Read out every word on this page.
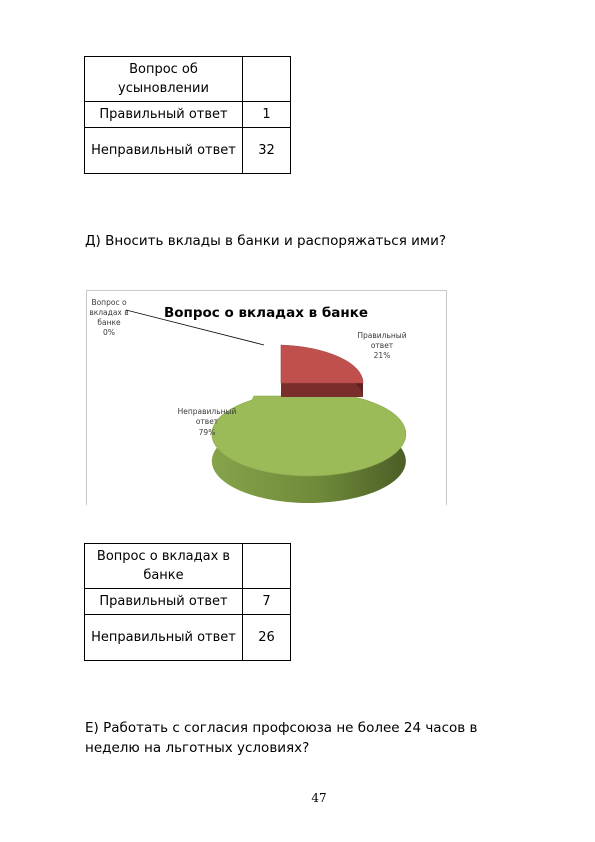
Вопрос об усыновлении	
Правильный ответ	1
Неправильный ответ	32

Д) Вносить вклады в банки и распоряжаться ими?

Вопрос о вкладах в банке
Вопрос о
вкладах в
банке
0%	Правильный
ответ
21%
Неправильный
ответ
79%
Вопрос о вкладах в банке	
Правильный ответ	7
Неправильный ответ	26

Е) Работать с согласия профсоюза не более 24 часов в неделю на льготных условиях?

47
